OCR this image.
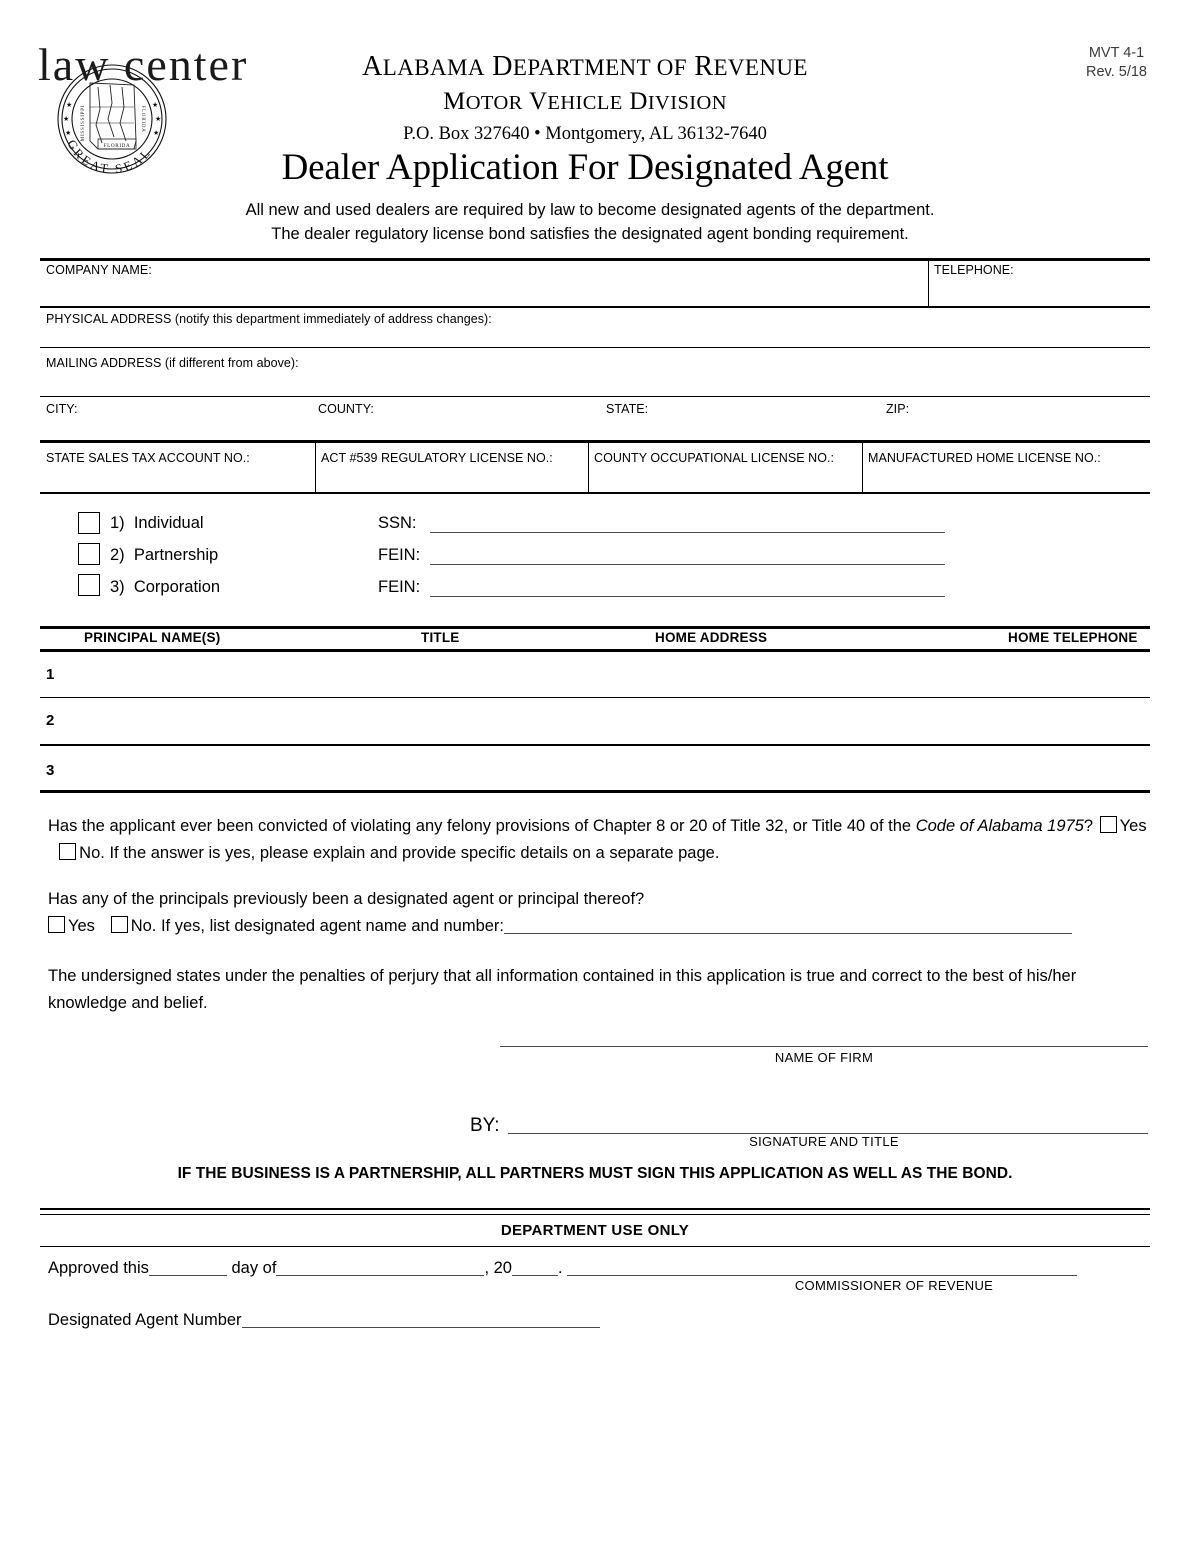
FLORIDA
MISSISSIPPI	FLORIDA
★
★
★
★
★
★
GREAT SEAL
MVT 4-1
Rev. 5/18
ALABAMA DEPARTMENT OF REVENUE
MOTOR VEHICLE DIVISION
P.O. Box 327640 • Montgomery, AL 36132-7640
Dealer Application For Designated Agent
All new and used dealers are required by law to become designated agents of the department.
The dealer regulatory license bond satisfies the designated agent bonding requirement.
law center
COMPANY NAME:	TELEPHONE:
PHYSICAL ADDRESS (notify this department immediately of address changes):
MAILING ADDRESS (if different from above):
CITY:	COUNTY:	STATE:	ZIP:
STATE SALES TAX ACCOUNT NO.:	ACT #539 REGULATORY LICENSE NO.:	COUNTY OCCUPATIONAL LICENSE NO.:	MANUFACTURED HOME LICENSE NO.:
1) Individual	SSN:
2) Partnership	FEIN:
3) Corporation	FEIN:
PRINCIPAL NAME(S)	TITLE	HOME ADDRESS	HOME TELEPHONE
1
2
3
Has the applicant ever been convicted of violating any felony provisions of Chapter 8 or 20 of Title 32, or Title 40 of the Code of Alabama 1975? Yes   No. If the answer is yes, please explain and provide specific details on a separate page.
Has any of the principals previously been a designated agent or principal thereof?
Yes No. If yes, list designated agent name and number:
The undersigned states under the penalties of perjury that all information contained in this application is true and correct to the best of his/her knowledge and belief.
NAME OF FIRM
BY:
SIGNATURE AND TITLE
IF THE BUSINESS IS A PARTNERSHIP, ALL PARTNERS MUST SIGN THIS APPLICATION AS WELL AS THE BOND.
DEPARTMENT USE ONLY
Approved this	day of	, 20	.
COMMISSIONER OF REVENUE
Designated Agent Number
